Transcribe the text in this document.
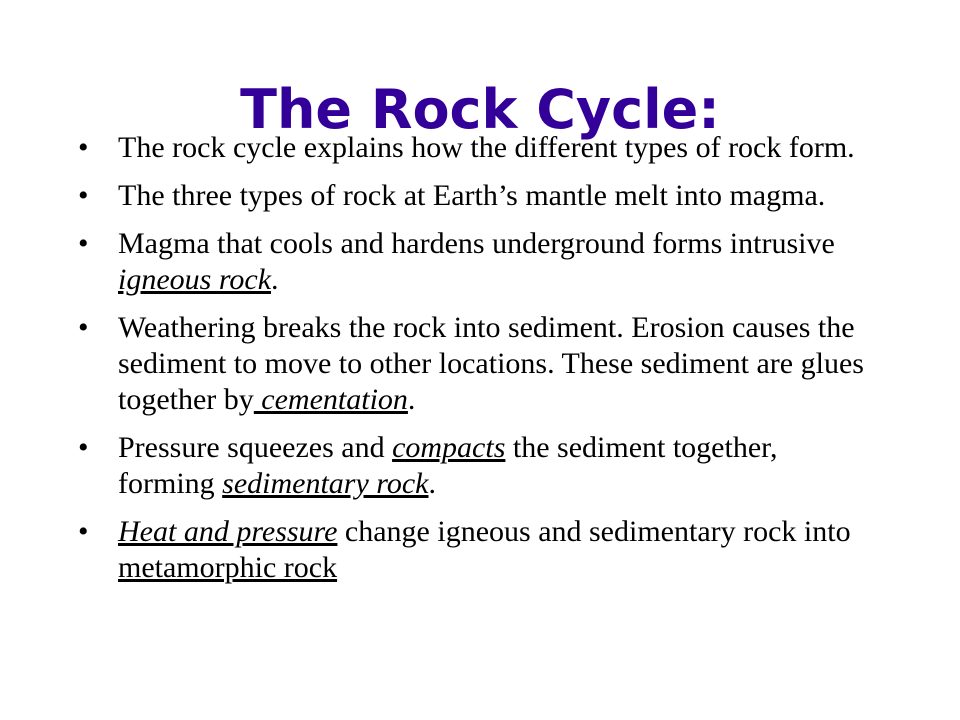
The Rock Cycle:
• The rock cycle explains how the different types of rock form.
• The three types of rock at Earth’s mantle melt into magma.
• Magma that cools and hardens underground forms intrusive igneous rock.
• Weathering breaks the rock into sediment. Erosion causes the sediment to move to other locations. These sediment are glues together by cementation.
• Pressure squeezes and compacts the sediment together, forming sedimentary rock.
• Heat and pressure change igneous and sedimentary rock into metamorphic rock
